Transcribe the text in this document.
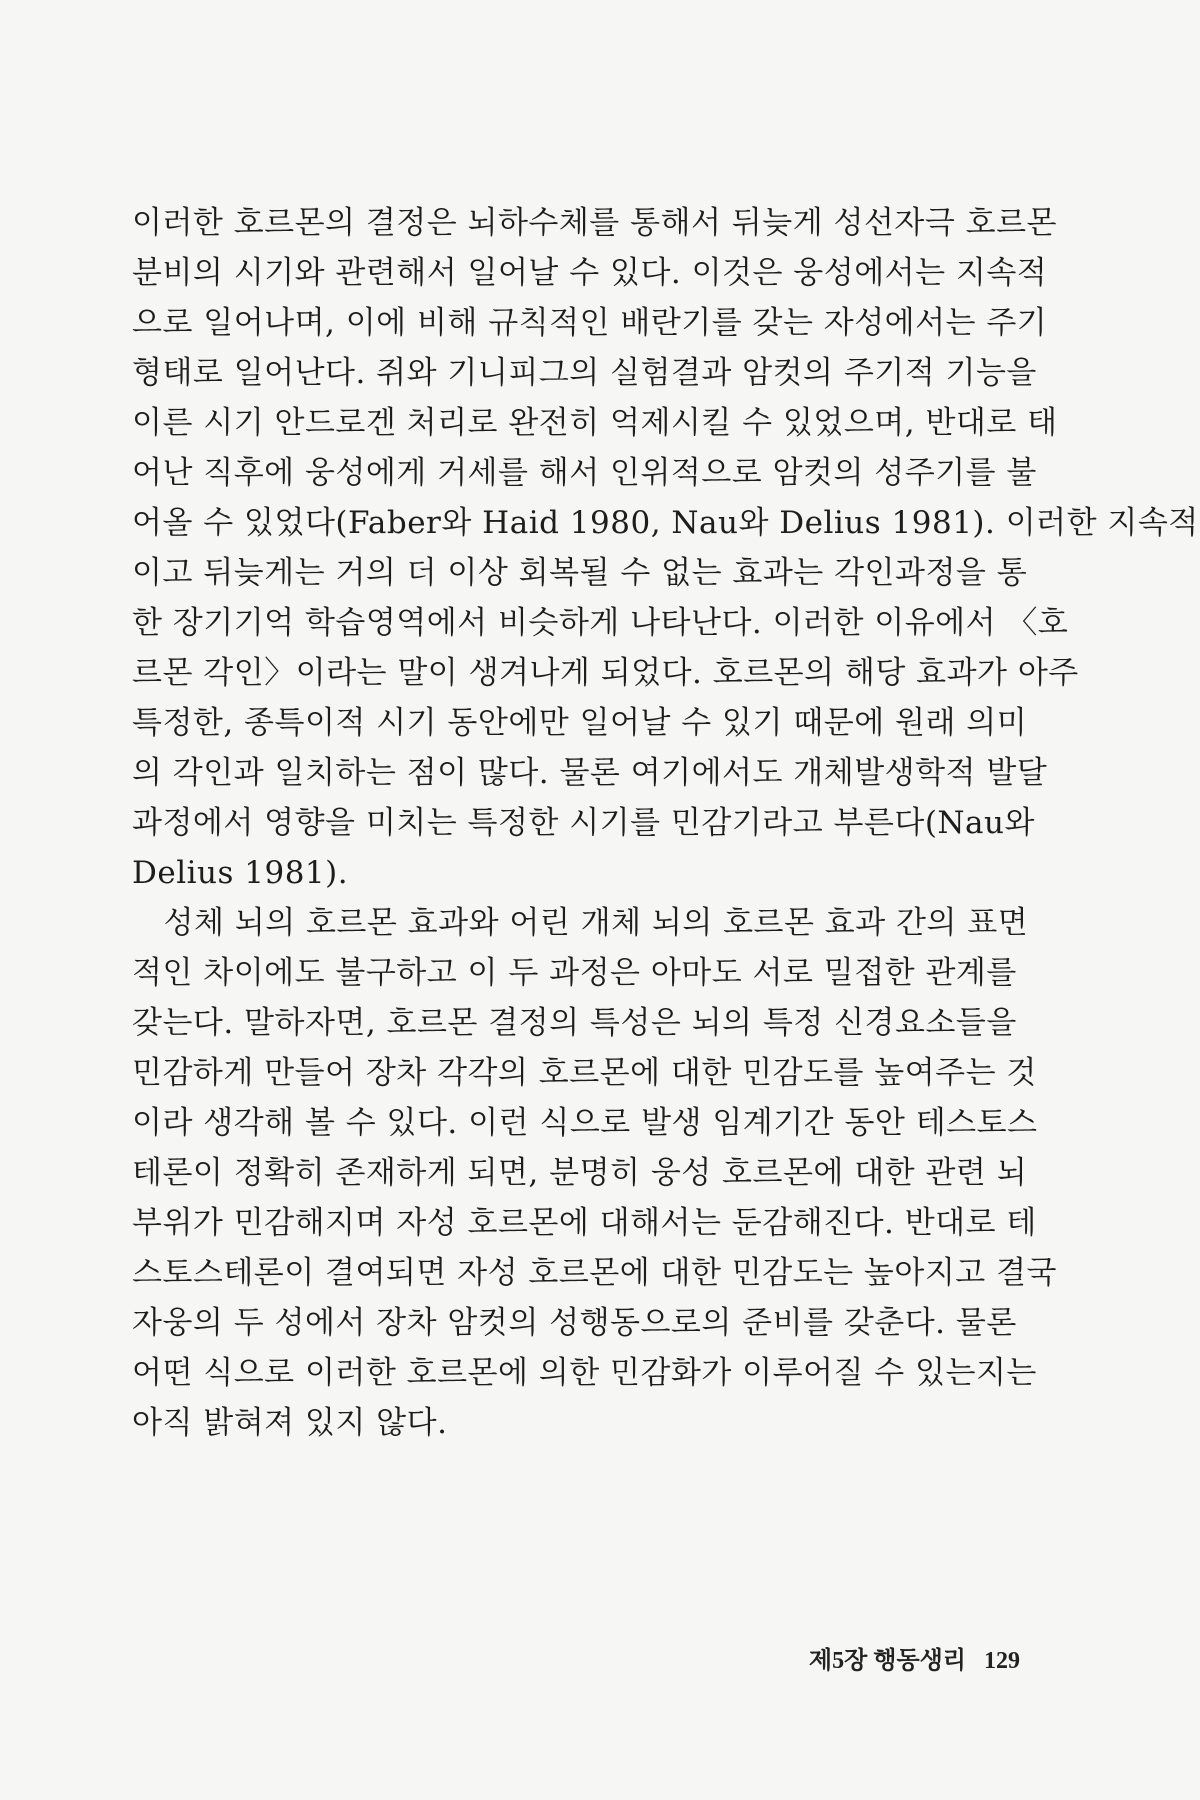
이러한 호르몬의 결정은 뇌하수체를 통해서 뒤늦게 성선자극 호르몬
분비의 시기와 관련해서 일어날 수 있다. 이것은 웅성에서는 지속적
으로 일어나며, 이에 비해 규칙적인 배란기를 갖는 자성에서는 주기
형태로 일어난다. 쥐와 기니피그의 실험결과 암컷의 주기적 기능을
이른 시기 안드로겐 처리로 완전히 억제시킬 수 있었으며, 반대로 태
어난 직후에 웅성에게 거세를 해서 인위적으로 암컷의 성주기를 불
어올 수 있었다(Faber와 Haid 1980, Nau와 Delius 1981). 이러한 지속적
이고 뒤늦게는 거의 더 이상 회복될 수 없는 효과는 각인과정을 통
한 장기기억 학습영역에서 비슷하게 나타난다. 이러한 이유에서 〈호
르몬 각인〉이라는 말이 생겨나게 되었다. 호르몬의 해당 효과가 아주
특정한, 종특이적 시기 동안에만 일어날 수 있기 때문에 원래 의미
의 각인과 일치하는 점이 많다. 물론 여기에서도 개체발생학적 발달
과정에서 영향을 미치는 특정한 시기를 민감기라고 부른다(Nau와
Delius 1981).
　성체 뇌의 호르몬 효과와 어린 개체 뇌의 호르몬 효과 간의 표면
적인 차이에도 불구하고 이 두 과정은 아마도 서로 밀접한 관계를
갖는다. 말하자면, 호르몬 결정의 특성은 뇌의 특정 신경요소들을
민감하게 만들어 장차 각각의 호르몬에 대한 민감도를 높여주는 것
이라 생각해 볼 수 있다. 이런 식으로 발생 임계기간 동안 테스토스
테론이 정확히 존재하게 되면, 분명히 웅성 호르몬에 대한 관련 뇌
부위가 민감해지며 자성 호르몬에 대해서는 둔감해진다. 반대로 테
스토스테론이 결여되면 자성 호르몬에 대한 민감도는 높아지고 결국
자웅의 두 성에서 장차 암컷의 성행동으로의 준비를 갖춘다. 물론
어떤 식으로 이러한 호르몬에 의한 민감화가 이루어질 수 있는지는
아직 밝혀져 있지 않다.
제5장 행동생리 129
